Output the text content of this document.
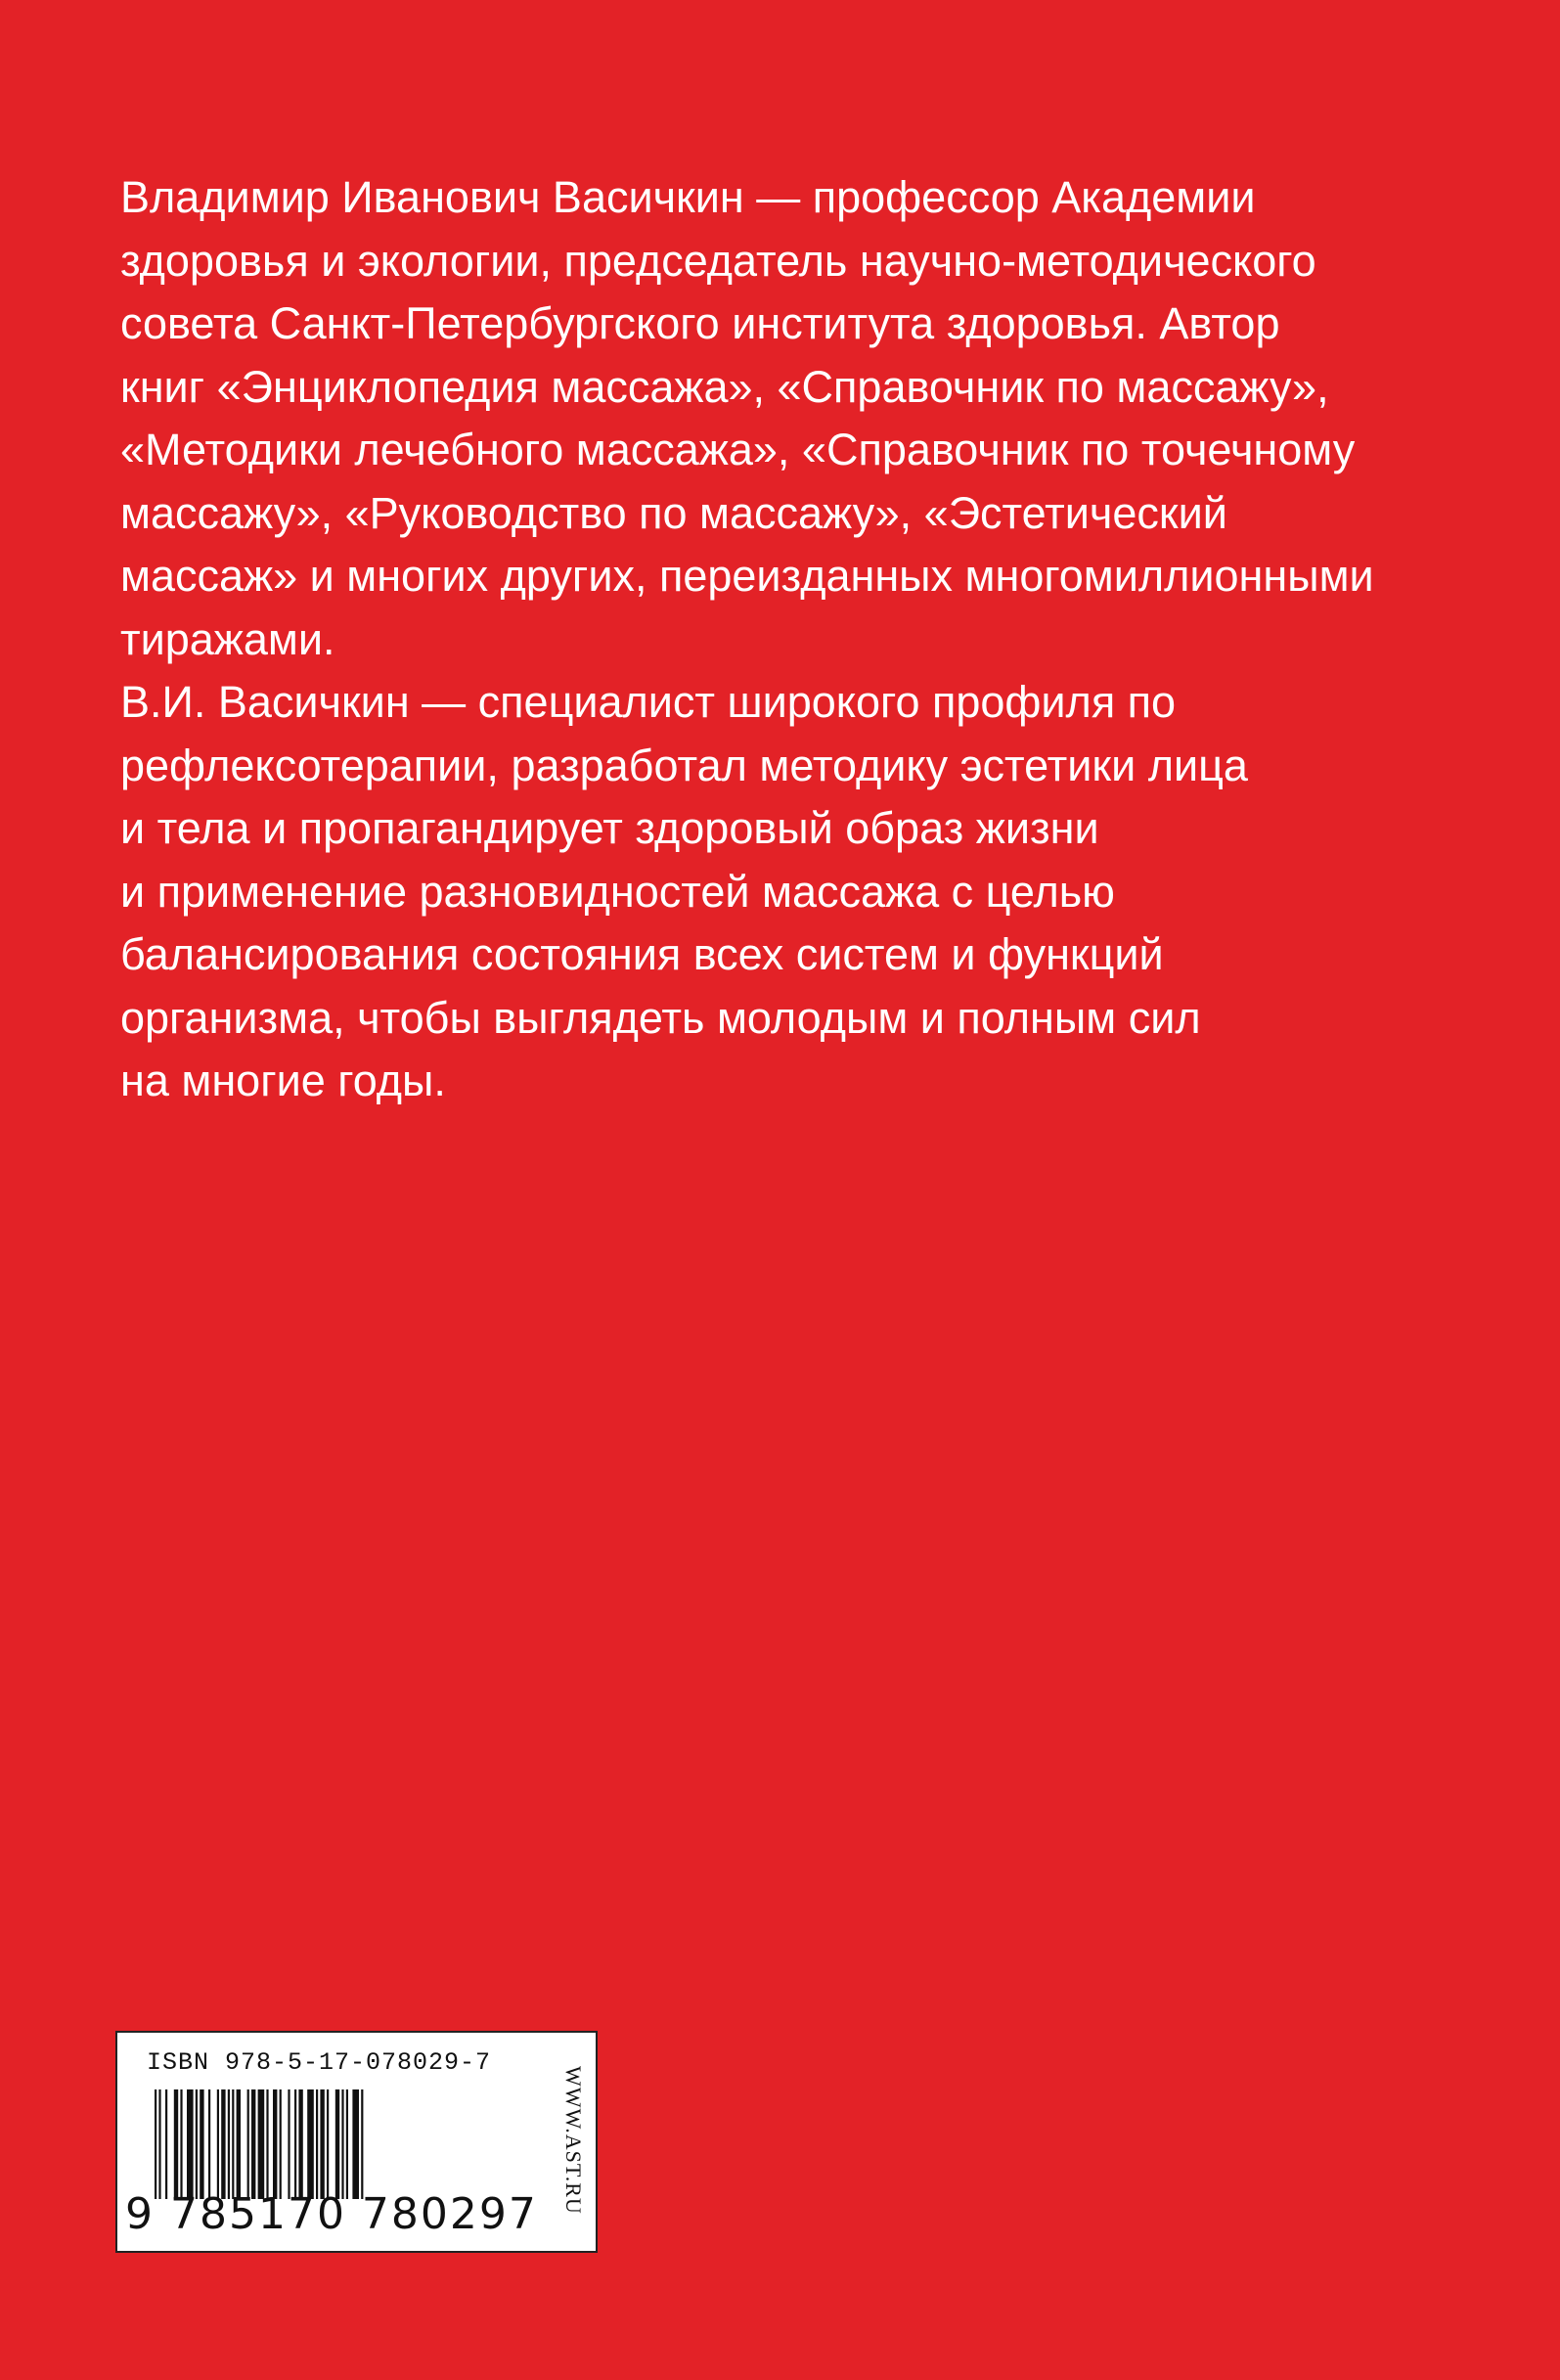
Владимир Иванович Васичкин — профессор Академии
здоровья и экологии, председатель научно-методического
совета Санкт-Петербургского института здоровья. Автор
книг «Энциклопедия массажа», «Справочник по массажу»,
«Методики лечебного массажа», «Справочник по точечному
массажу», «Руководство по массажу», «Эстетический
массаж» и многих других, переизданных многомиллионными
тиражами.
В.И. Васичкин — специалист широкого профиля по
рефлексотерапии, разработал методику эстетики лица
и тела и пропагандирует здоровый образ жизни
и применение разновидностей массажа с целью
балансирования состояния всех систем и функций
организма, чтобы выглядеть молодым и полным сил
на многие годы.
ISBN 978-5-17-078029-7
9 785170 780297 WWW.AST.RU
